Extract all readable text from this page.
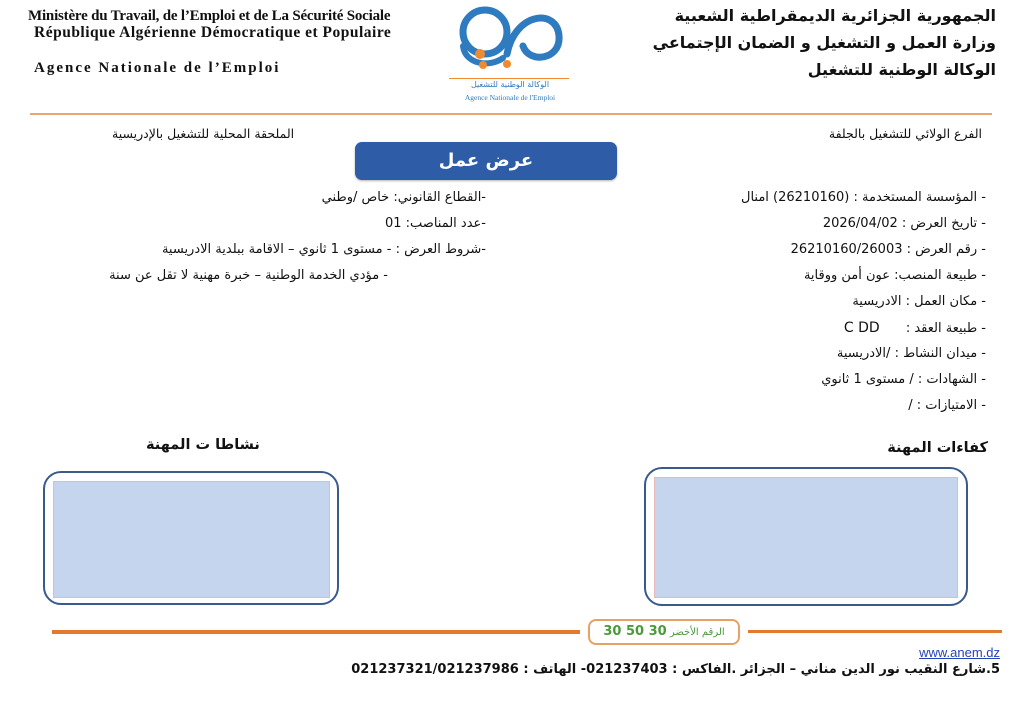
Ministère du Travail, de l’Emploi et de La Sécurité Sociale
République Algérienne Démocratique et Populaire
Agence Nationale de l’Emploi
الجمهورية الجزائرية الديمقراطية الشعبية
وزارة العمل و التشغيل و الضمان الإجتماعي
الوكالة الوطنية للتشغيل
الوكالة الوطنية للتشغيل
Agence Nationale de l'Emploi
الفرع الولائي للتشغيل بالجلفة
الملحقة المحلية للتشغيل بالإدريسية
عرض عمل
- المؤسسة المستخدمة : (26210160) امنال
- تاريخ العرض : 2026/04/02
- رقم العرض : 26210160/26003
- طبيعة المنصب: عون أمن ووقاية
- مكان العمل : الادريسية
- طبيعة العقد : C DD
- ميدان النشاط : /الادريسية
- الشهادات : / مستوى 1 ثانوي
- الامتيازات : /
-القطاع القانوني: خاص /وطني
-عدد المناصب: 01
-شروط العرض : - مستوى 1 ثانوي – الاقامة ببلدية الادريسية
- مؤدي الخدمة الوطنية – خبرة مهنية لا تقل عن سنة
كفاءات المهنة
نشاطا ت المهنة
الرقم الأخضر 30 50 30
www.anem.dz
5.شارع النقيب نور الدين مناني – الجزائر .الفاكس : 021237403- الهاتف : 021237321/021237986
